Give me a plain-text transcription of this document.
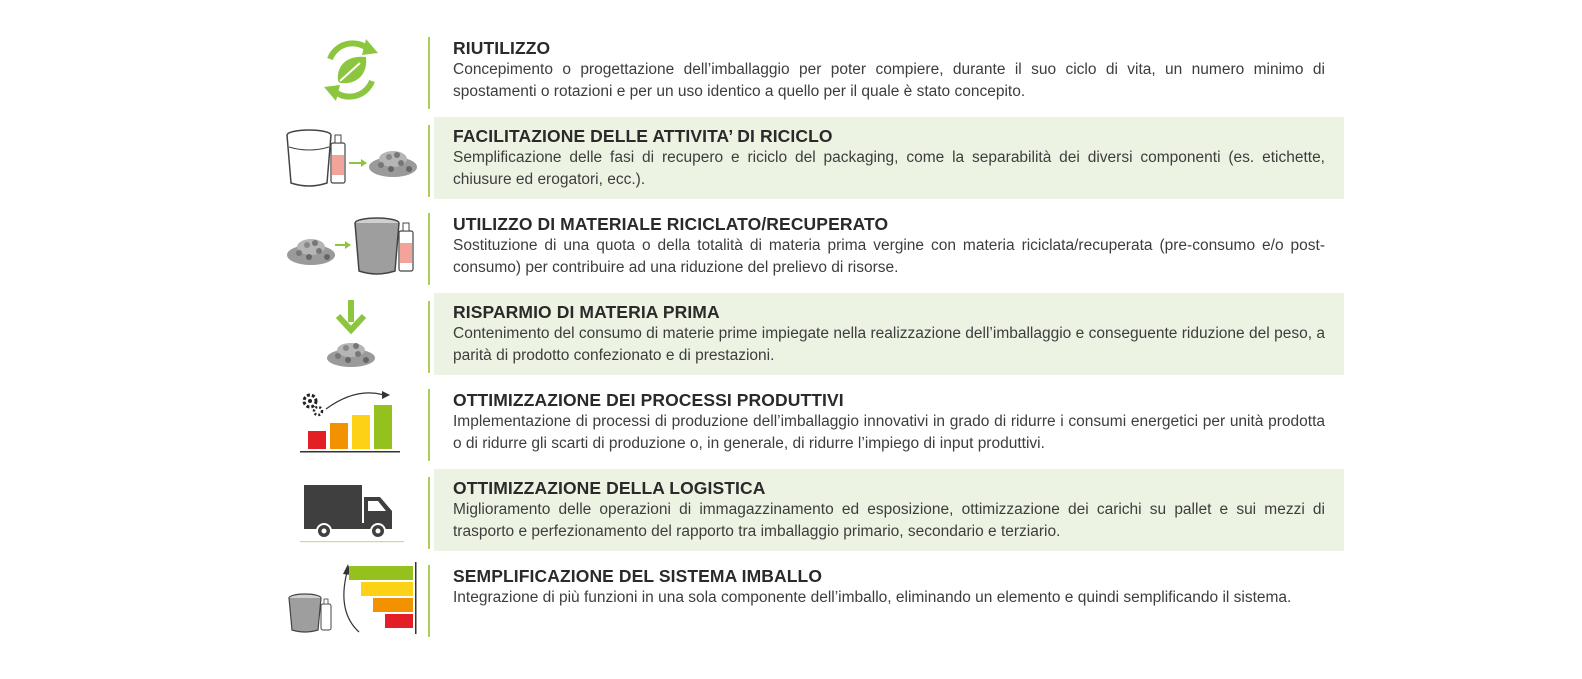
RIUTILIZZO
Concepimento o progettazione dell’imballaggio per poter compiere, durante il suo ciclo di vita, un numero minimo di spostamenti o rotazioni e per un uso identico a quello per il quale è stato concepito.
FACILITAZIONE DELLE ATTIVITA’ DI RICICLO
Semplificazione delle fasi di recupero e riciclo del packaging, come la separabilità dei diversi componenti (es. etichette, chiusure ed erogatori, ecc.).
UTILIZZO DI MATERIALE RICICLATO/RECUPERATO
Sostituzione di una quota o della totalità di materia prima vergine con materia riciclata/recuperata (pre-consumo e/o post-consumo) per contribuire ad una riduzione del prelievo di risorse.
RISPARMIO DI MATERIA PRIMA
Contenimento del consumo di materie prime impiegate nella realizzazione dell’imballaggio e conseguente riduzione del peso, a parità di prodotto confezionato e di prestazioni.
OTTIMIZZAZIONE DEI PROCESSI PRODUTTIVI
Implementazione di processi di produzione dell’imballaggio innovativi in grado di ridurre i consumi energetici per unità prodotta o di ridurre gli scarti di produzione o, in generale, di ridurre l’impiego di input produttivi.
OTTIMIZZAZIONE DELLA LOGISTICA
Miglioramento delle operazioni di immagazzinamento ed esposizione, ottimizzazione dei carichi su pallet e sui mezzi di trasporto e perfezionamento del rapporto tra imballaggio primario, secondario e terziario.
SEMPLIFICAZIONE DEL SISTEMA IMBALLO
Integrazione di più funzioni in una sola componente dell’imballo, eliminando un elemento e quindi semplificando il sistema.
